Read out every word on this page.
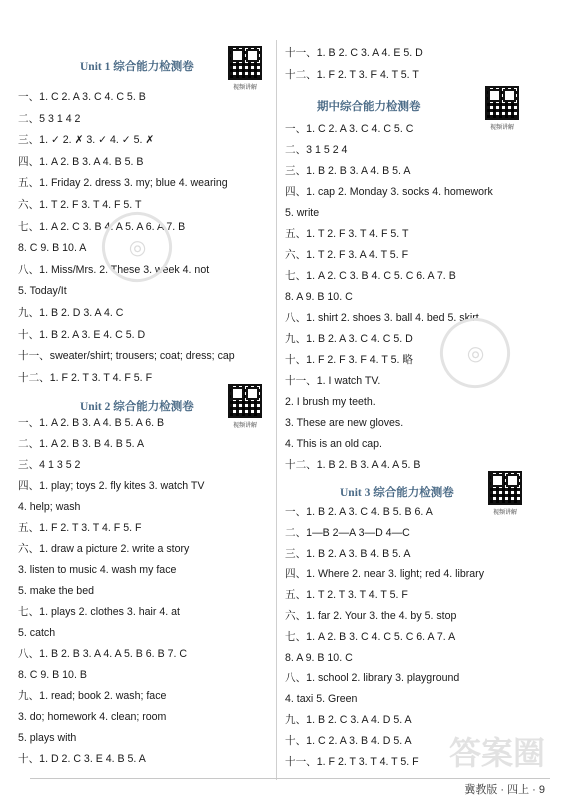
Unit 1 综合能力检测卷
视频讲解
一、1. C 2. A 3. C 4. C 5. B
二、5 3 1 4 2
三、1. ✓ 2. ✗ 3. ✓ 4. ✓ 5. ✗
四、1. A 2. B 3. A 4. B 5. B
五、1. Friday 2. dress 3. my; blue 4. wearing
六、1. T 2. F 3. T 4. F 5. T
七、1. A 2. C 3. B 4. A 5. A 6. A 7. B
8. C 9. B 10. A
八、1. Miss/Mrs. 2. These 3. week 4. not
5. Today/It
九、1. B 2. D 3. A 4. C
十、1. B 2. A 3. E 4. C 5. D
十一、sweater/shirt; trousers; coat; dress; cap
十二、1. F 2. T 3. T 4. F 5. F
Unit 2 综合能力检测卷
视频讲解
一、1. A 2. B 3. A 4. B 5. A 6. B
二、1. A 2. B 3. B 4. B 5. A
三、4 1 3 5 2
四、1. play; toys 2. fly kites 3. watch TV
4. help; wash
五、1. F 2. T 3. T 4. F 5. F
六、1. draw a picture 2. write a story
3. listen to music 4. wash my face
5. make the bed
七、1. plays 2. clothes 3. hair 4. at
5. catch
八、1. B 2. B 3. A 4. A 5. B 6. B 7. C
8. C 9. B 10. B
九、1. read; book 2. wash; face
3. do; homework 4. clean; room
5. plays with
十、1. D 2. C 3. E 4. B 5. A
十一、1. B 2. C 3. A 4. E 5. D
十二、1. F 2. T 3. F 4. T 5. T
期中综合能力检测卷
视频讲解
一、1. C 2. A 3. C 4. C 5. C
二、3 1 5 2 4
三、1. B 2. B 3. A 4. B 5. A
四、1. cap 2. Monday 3. socks 4. homework
5. write
五、1. T 2. F 3. T 4. F 5. T
六、1. T 2. F 3. A 4. T 5. F
七、1. A 2. C 3. B 4. C 5. C 6. A 7. B
8. A 9. B 10. C
八、1. shirt 2. shoes 3. ball 4. bed 5. skirt
九、1. B 2. A 3. C 4. C 5. D
十、1. F 2. F 3. F 4. T 5. 略
十一、1. I watch TV.
2. I brush my teeth.
3. These are new gloves.
4. This is an old cap.
十二、1. B 2. B 3. A 4. A 5. B
Unit 3 综合能力检测卷
视频讲解
一、1. B 2. A 3. C 4. B 5. B 6. A
二、1—B 2—A 3—D 4—C
三、1. B 2. A 3. B 4. B 5. A
四、1. Where 2. near 3. light; red 4. library
五、1. T 2. T 3. T 4. T 5. F
六、1. far 2. Your 3. the 4. by 5. stop
七、1. A 2. B 3. C 4. C 5. C 6. A 7. A
8. A 9. B 10. C
八、1. school 2. library 3. playground
4. taxi 5. Green
九、1. B 2. C 3. A 4. D 5. A
十、1. C 2. A 3. B 4. D 5. A
十一、1. F 2. T 3. T 4. T 5. F
◎
◎
答案圈
冀教版 · 四上 · 9
